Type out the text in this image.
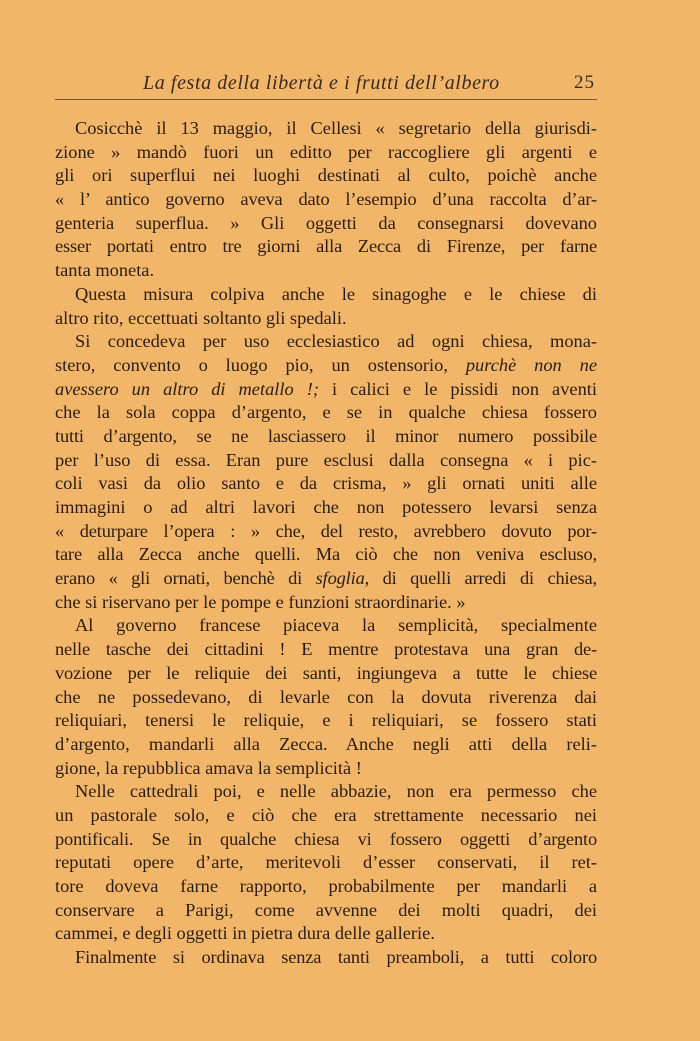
La festa della libertà e i frutti dell’albero	25
Cosicchè il 13 maggio, il Cellesi « segretario della giurisdi-
zione » mandò fuori un editto per raccogliere gli argenti e
gli ori superflui nei luoghi destinati al culto, poichè anche
« l’ antico governo aveva dato l’esempio d’una raccolta d’ar-
genteria superflua. » Gli oggetti da consegnarsi dovevano
esser portati entro tre giorni alla Zecca di Firenze, per farne
tanta moneta.
Questa misura colpiva anche le sinagoghe e le chiese di
altro rito, eccettuati soltanto gli spedali.
Si concedeva per uso ecclesiastico ad ogni chiesa, mona-
stero, convento o luogo pio, un ostensorio, purchè non ne
avessero un altro di metallo !; i calici e le pissidi non aventi
che la sola coppa d’argento, e se in qualche chiesa fossero
tutti d’argento, se ne lasciassero il minor numero possibile
per l’uso di essa. Eran pure esclusi dalla consegna « i pic-
coli vasi da olio santo e da crisma, » gli ornati uniti alle
immagini o ad altri lavori che non potessero levarsi senza
« deturpare l’opera : » che, del resto, avrebbero dovuto por-
tare alla Zecca anche quelli. Ma ciò che non veniva escluso,
erano « gli ornati, benchè di sfoglia, di quelli arredi di chiesa,
che si riservano per le pompe e funzioni straordinarie. »
Al governo francese piaceva la semplicità, specialmente
nelle tasche dei cittadini ! E mentre protestava una gran de-
vozione per le reliquie dei santi, ingiungeva a tutte le chiese
che ne possedevano, di levarle con la dovuta riverenza dai
reliquiari, tenersi le reliquie, e i reliquiari, se fossero stati
d’argento, mandarli alla Zecca. Anche negli atti della reli-
gione, la repubblica amava la semplicità !
Nelle cattedrali poi, e nelle abbazie, non era permesso che
un pastorale solo, e ciò che era strettamente necessario nei
pontificali. Se in qualche chiesa vi fossero oggetti d’argento
reputati opere d’arte, meritevoli d’esser conservati, il ret-
tore doveva farne rapporto, probabilmente per mandarli a
conservare a Parigi, come avvenne dei molti quadri, dei
cammei, e degli oggetti in pietra dura delle gallerie.
Finalmente si ordinava senza tanti preamboli, a tutti coloro
